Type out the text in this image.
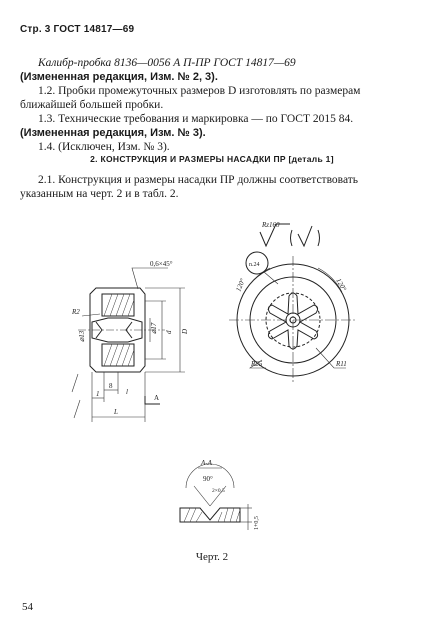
Стр. 3 ГОСТ 14817—69

Калибр-пробка 8136—0056 А П-ПР ГОСТ 14817—69

(Измененная редакция, Изм. № 2, 3).

1.2. Пробки промежуточных размеров D изготовлять по размерам ближайшей большей пробки.

1.3. Технические требования и маркировка — по ГОСТ 2015 84.

(Измененная редакция, Изм. № 3).

1.4. (Исключен, Изм. № 3).

2. КОНСТРУКЦИЯ И РАЗМЕРЫ НАСАДКИ ПР [деталь 1]

2.1. Конструкция и размеры насадки ПР должны соответствовать указанным на черт. 2 и в табл. 2.

0,6×45°
R2
⌀13
⌀17 d D
1
8
l
L
А
Rz160
n.24
120°	120°
R25	R11
А-А
90°
2×0,5
1+0,5
Черт. 2
54
